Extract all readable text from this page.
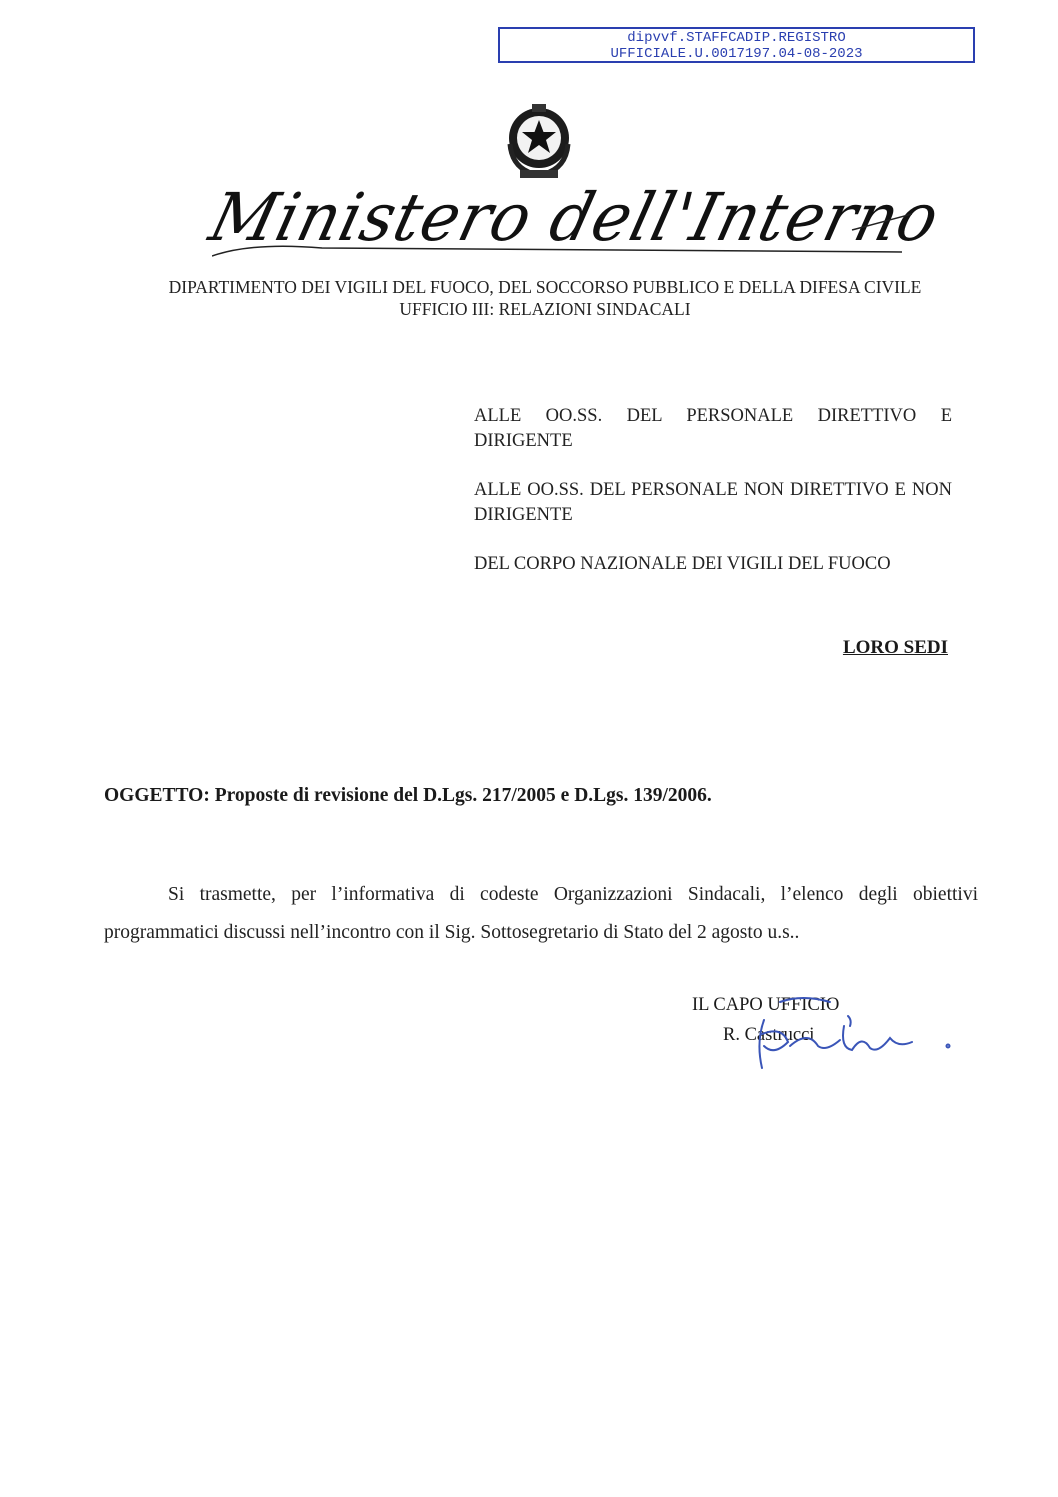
dipvvf.STAFFCADIP.REGISTRO
UFFICIALE.U.0017197.04-08-2023
Ministero dell'Interno
DIPARTIMENTO DEI VIGILI DEL FUOCO, DEL SOCCORSO PUBBLICO E DELLA DIFESA CIVILE
UFFICIO III: RELAZIONI SINDACALI
ALLE OO.SS. DEL PERSONALE DIRETTIVO E DIRIGENTE
ALLE OO.SS. DEL PERSONALE NON DIRETTIVO E NON DIRIGENTE
DEL CORPO NAZIONALE DEI VIGILI DEL FUOCO
LORO SEDI
OGGETTO: Proposte di revisione del D.Lgs. 217/2005 e D.Lgs. 139/2006.
Si trasmette, per l’informativa di codeste Organizzazioni Sindacali, l’elenco degli obiettivi programmatici discussi nell’incontro con il Sig. Sottosegretario di Stato del 2 agosto u.s..
IL CAPO UFFICIO
R. Castrucci
